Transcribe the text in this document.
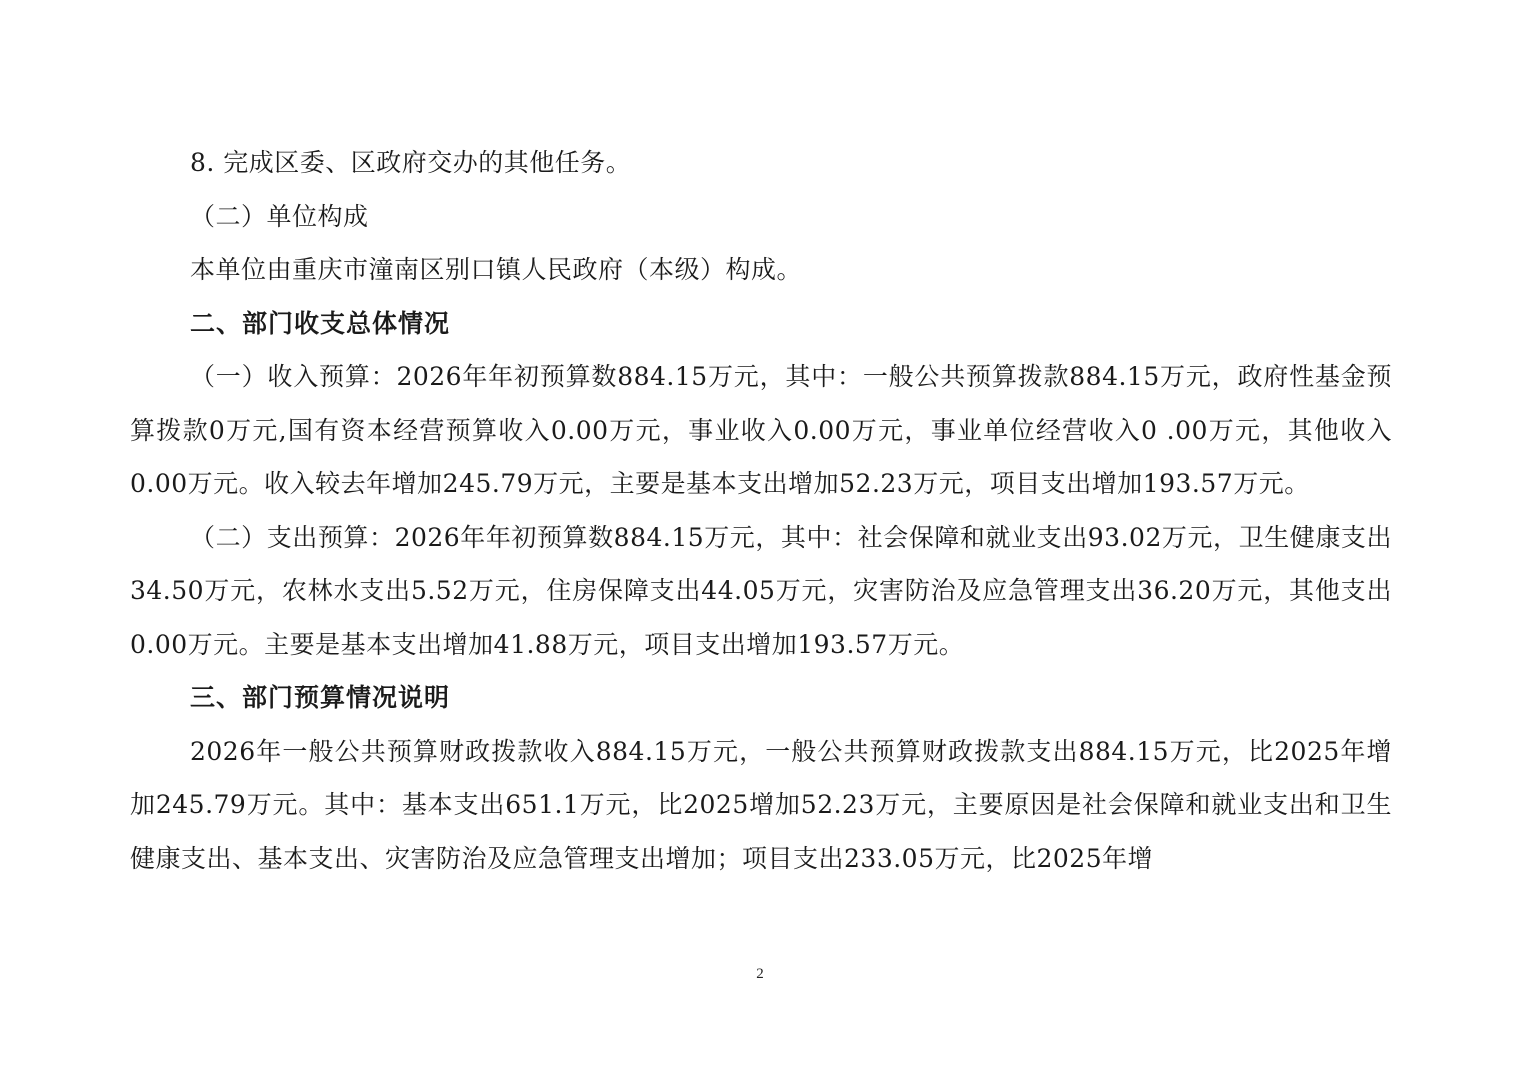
8. 完成区委、区政府交办的其他任务。

（二）单位构成

本单位由重庆市潼南区别口镇人民政府（本级）构成。

二、部门收支总体情况

（一）收入预算：2026年年初预算数884.15万元，其中：一般公共预算拨款884.15万元，政府性基金预算拨款0万元,国有资本经营预算收入0.00万元，事业收入0.00万元，事业单位经营收入0 .00万元，其他收入0.00万元。收入较去年增加245.79万元，主要是基本支出增加52.23万元，项目支出增加193.57万元。

（二）支出预算：2026年年初预算数884.15万元，其中：社会保障和就业支出93.02万元，卫生健康支出34.50万元，农林水支出5.52万元，住房保障支出44.05万元，灾害防治及应急管理支出36.20万元，其他支出0.00万元。主要是基本支出增加41.88万元，项目支出增加193.57万元。

三、部门预算情况说明

2026年一般公共预算财政拨款收入884.15万元，一般公共预算财政拨款支出884.15万元，比2025年增加245.79万元。其中：基本支出651.1万元，比2025增加52.23万元，主要原因是社会保障和就业支出和卫生健康支出、基本支出、灾害防治及应急管理支出增加；项目支出233.05万元，比2025年增

2
